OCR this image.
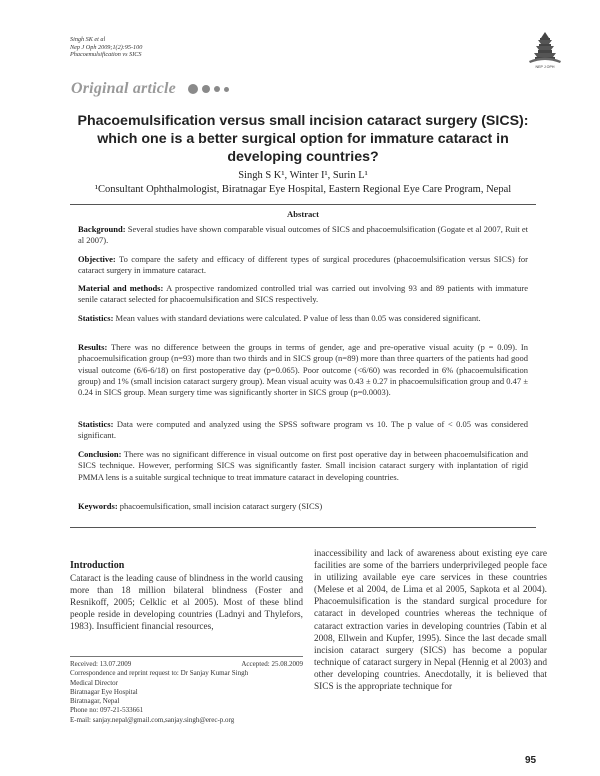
Singh SK et al
Nep J Oph 2009;1(2):95-100
Phacoemulsification vs SICS
NEP J OPH
Original article
Phacoemulsification versus small incision cataract surgery (SICS): which one is a better surgical option for immature cataract in developing countries?
Singh S K¹, Winter I¹, Surin L¹
¹Consultant Ophthalmologist, Biratnagar Eye Hospital, Eastern Regional Eye Care Program, Nepal
Abstract
Background: Several studies have shown comparable visual outcomes of SICS and phacoemulsification (Gogate et al 2007, Ruit et al 2007).
Objective: To compare the safety and efficacy of different types of surgical procedures (phacoemulsification versus SICS) for cataract surgery in immature cataract.
Material and methods: A prospective randomized controlled trial was carried out involving 93 and 89 patients with immature senile cataract selected for phacoemulsification and SICS respectively.
Statistics: Mean values with standard deviations were calculated. P value of less than 0.05 was considered significant.
Results: There was no difference between the groups in terms of gender, age and pre-operative visual acuity (p = 0.09). In phacoemulsification group (n=93) more than two thirds and in SICS group (n=89) more than three quarters of the patients had good visual outcome (6/6-6/18) on first postoperative day (p=0.065). Poor outcome (<6/60) was recorded in 6% (phacoemulsification group) and 1% (small incision cataract surgery group). Mean visual acuity was 0.43 ± 0.27 in phacoemulsification group and 0.47 ± 0.24 in SICS group. Mean surgery time was significantly shorter in SICS group (p=0.0003).
Statistics: Data were computed and analyzed using the SPSS software program vs 10. The p value of < 0.05 was considered significant.
Conclusion: There was no significant difference in visual outcome on first post operative day in between phacoemulsification and SICS technique. However, performing SICS was significantly faster. Small incision cataract surgery with inplantation of rigid PMMA lens is a suitable surgical technique to treat immature cataract in developing countries.
Keywords: phacoemulsification, small incision cataract surgery (SICS)
Introduction
Cataract is the leading cause of blindness in the world causing more than 18 million bilateral blindness (Foster and Resnikoff, 2005; Celklic et al 2005). Most of these blind people reside in developing countries (Ladnyi and Thylefors, 1983). Insufficient financial resources,
inaccessibility and lack of awareness about existing eye care facilities are some of the barriers underprivileged people face in utilizing available eye care services in these countries (Melese et al 2004, de Lima et al 2005, Sapkota et al 2004). Phacoemulsification is the standard surgical procedure for cataract in developed countries whereas the technique of cataract extraction varies in developing countries (Tabin et al 2008, Ellwein and Kupfer, 1995). Since the last decade small incision cataract surgery (SICS) has become a popular technique of cataract surgery in Nepal (Hennig et al 2003) and other developing countries. Anecdotally, it is believed that SICS is the appropriate technique for
Received: 13.07.2009	Accepted: 25.08.2009
Correspondence and reprint request to: Dr Sanjay Kumar Singh
Medical Director
Biratnagar Eye Hospital
Biratnagar, Nepal
Phone no: 097-21-533661
E-mail: sanjay.nepal@gmail.com,sanjay.singh@erec-p.org
95
